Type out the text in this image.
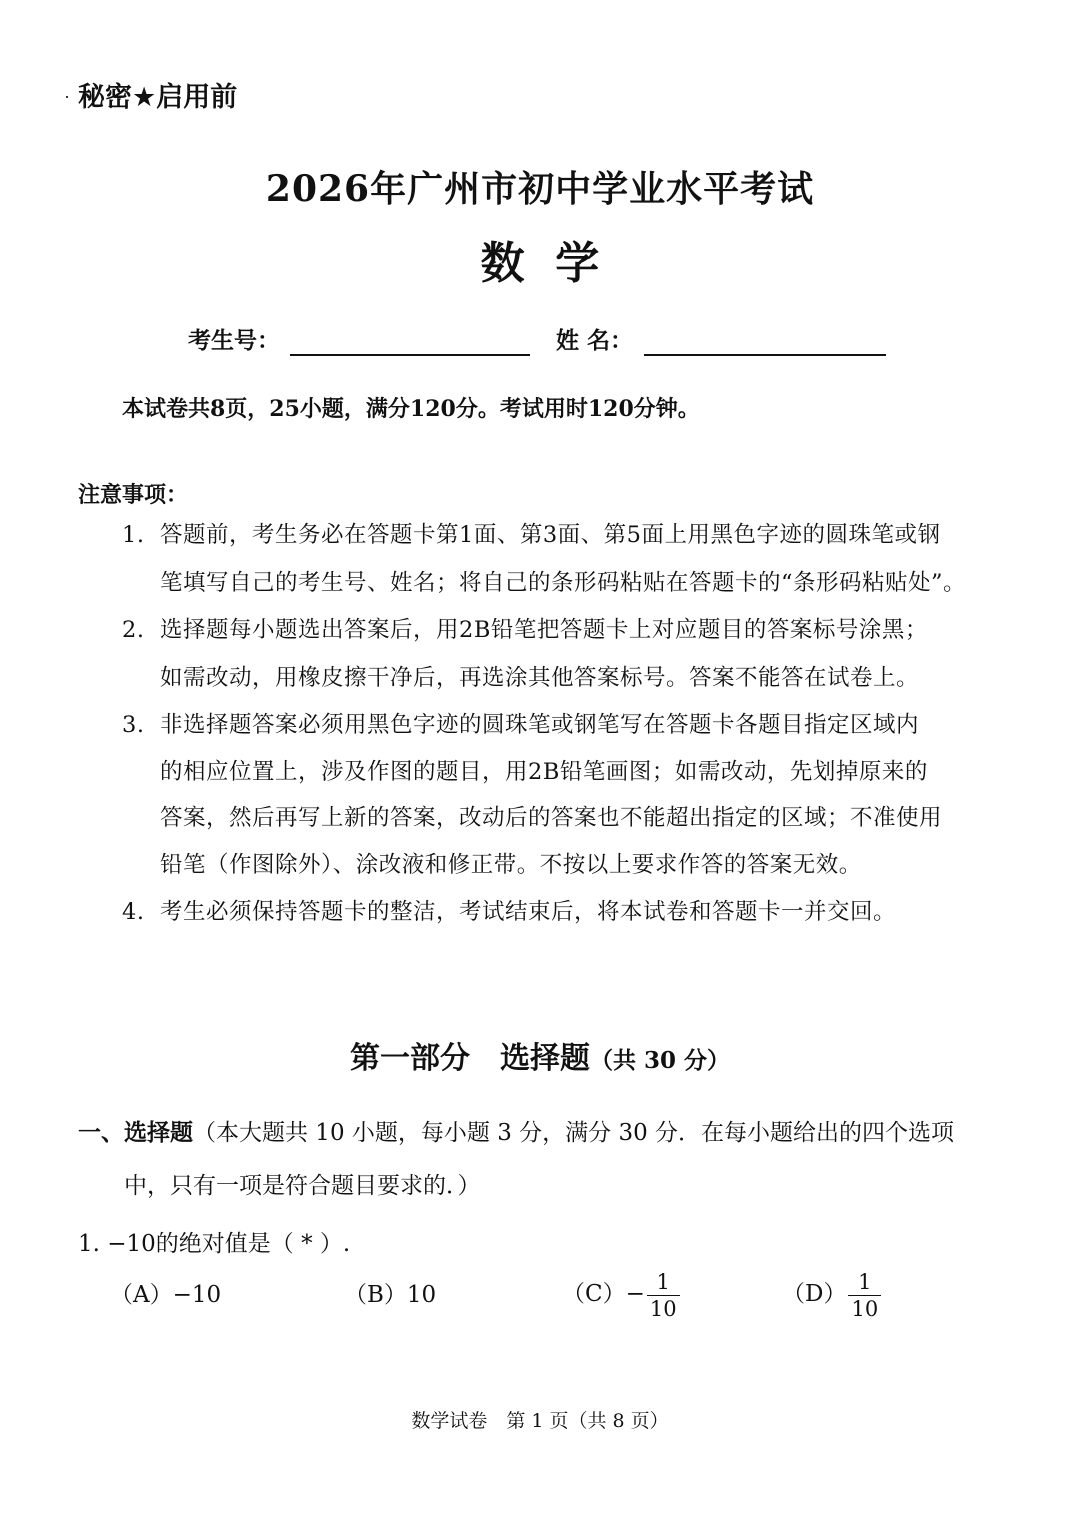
秘密★启用前
2026年广州市初中学业水平考试
数  学
考生号：	姓 名：
本试卷共8页，25小题，满分120分。考试用时120分钟。
注意事项：
1. 答题前，考生务必在答题卡第1面、第3面、第5面上用黑色字迹的圆珠笔或钢
笔填写自己的考生号、姓名；将自己的条形码粘贴在答题卡的“条形码粘贴处”。
2. 选择题每小题选出答案后，用2B铅笔把答题卡上对应题目的答案标号涂黑；
如需改动，用橡皮擦干净后，再选涂其他答案标号。答案不能答在试卷上。
3. 非选择题答案必须用黑色字迹的圆珠笔或钢笔写在答题卡各题目指定区域内
的相应位置上，涉及作图的题目，用2B铅笔画图；如需改动，先划掉原来的
答案，然后再写上新的答案，改动后的答案也不能超出指定的区域；不准使用
铅笔（作图除外）、涂改液和修正带。不按以上要求作答的答案无效。
4. 考生必须保持答题卡的整洁，考试结束后，将本试卷和答题卡一并交回。
第一部分　选择题（共 30 分）
一、选择题（本大题共 10 小题，每小题 3 分，满分 30 分．在每小题给出的四个选项
中，只有一项是符合题目要求的．）
1. −10的绝对值是（ * ）.
（A）−10	（B）10	$(C)- \frac{1}{10}$	$(D) \frac{1}{10}$
数学试卷　第 1 页（共 8 页）
